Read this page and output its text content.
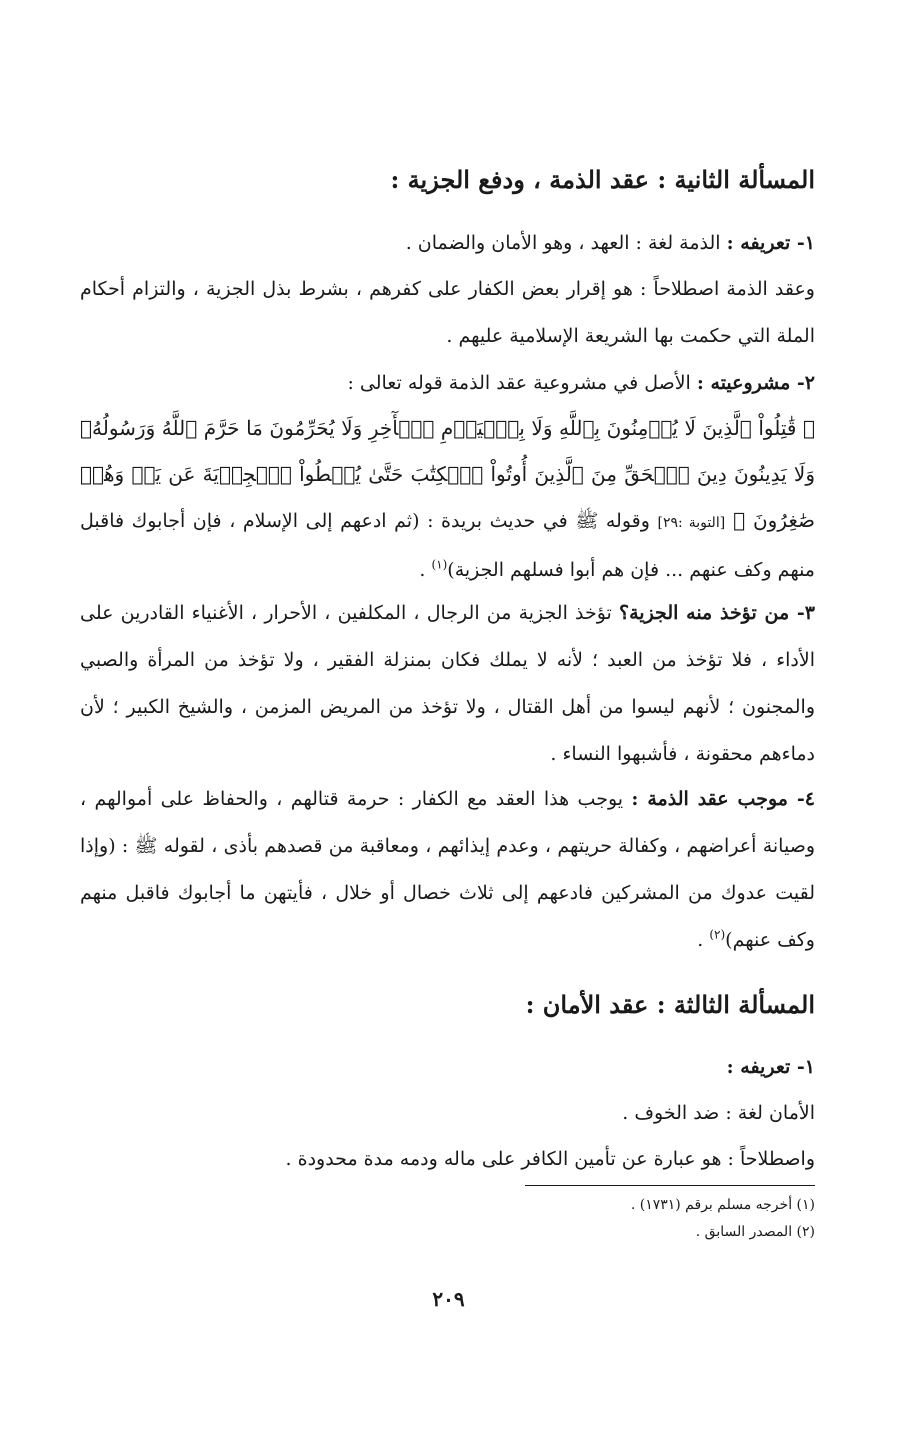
المسألة الثانية : عقد الذمة ، ودفع الجزية :
١- تعريفه : الذمة لغة : العهد ، وهو الأمان والضمان .
وعقد الذمة اصطلاحاً : هو إقرار بعض الكفار على كفرهم ، بشرط بذل الجزية ، والتزام أحكام الملة التي حكمت بها الشريعة الإسلامية عليهم .
٢- مشروعيته : الأصل في مشروعية عقد الذمة قوله تعالى :
﴿ قَٰتِلُواْ ٱلَّذِينَ لَا يُؤۡمِنُونَ بِٱللَّهِ وَلَا بِٱلۡيَوۡمِ ٱلۡأٓخِرِ وَلَا يُحَرِّمُونَ مَا حَرَّمَ ٱللَّهُ وَرَسُولُهُۥ وَلَا يَدِينُونَ دِينَ ٱلۡحَقِّ مِنَ ٱلَّذِينَ أُوتُواْ ٱلۡكِتَٰبَ حَتَّىٰ يُعۡطُواْ ٱلۡجِزۡيَةَ عَن يَدٖ وَهُمۡ صَٰغِرُونَ ﴾ [التوبة :٢٩] وقوله ﷺ في حديث بريدة : (ثم ادعهم إلى الإسلام ، فإن أجابوك فاقبل منهم وكف عنهم ... فإن هم أبوا فسلهم الجزية)$^{(١)}$ .
٣- من تؤخذ منه الجزية؟ تؤخذ الجزية من الرجال ، المكلفين ، الأحرار ، الأغنياء القادرين على الأداء ، فلا تؤخذ من العبد ؛ لأنه لا يملك فكان بمنزلة الفقير ، ولا تؤخذ من المرأة والصبي والمجنون ؛ لأنهم ليسوا من أهل القتال ، ولا تؤخذ من المريض المزمن ، والشيخ الكبير ؛ لأن دماءهم محقونة ، فأشبهوا النساء .
٤- موجب عقد الذمة : يوجب هذا العقد مع الكفار : حرمة قتالهم ، والحفاظ على أموالهم ، وصيانة أعراضهم ، وكفالة حريتهم ، وعدم إيذائهم ، ومعاقبة من قصدهم بأذى ، لقوله ﷺ : (وإذا لقيت عدوك من المشركين فادعهم إلى ثلاث خصال أو خلال ، فأيتهن ما أجابوك فاقبل منهم وكف عنهم)$^{(٢)}$ .
المسألة الثالثة : عقد الأمان :
١- تعريفه :
الأمان لغة : ضد الخوف .
واصطلاحاً : هو عبارة عن تأمين الكافر على ماله ودمه مدة محدودة .
(١) أخرجه مسلم برقم (١٧٣١) .
(٢) المصدر السابق .
٢٠٩
